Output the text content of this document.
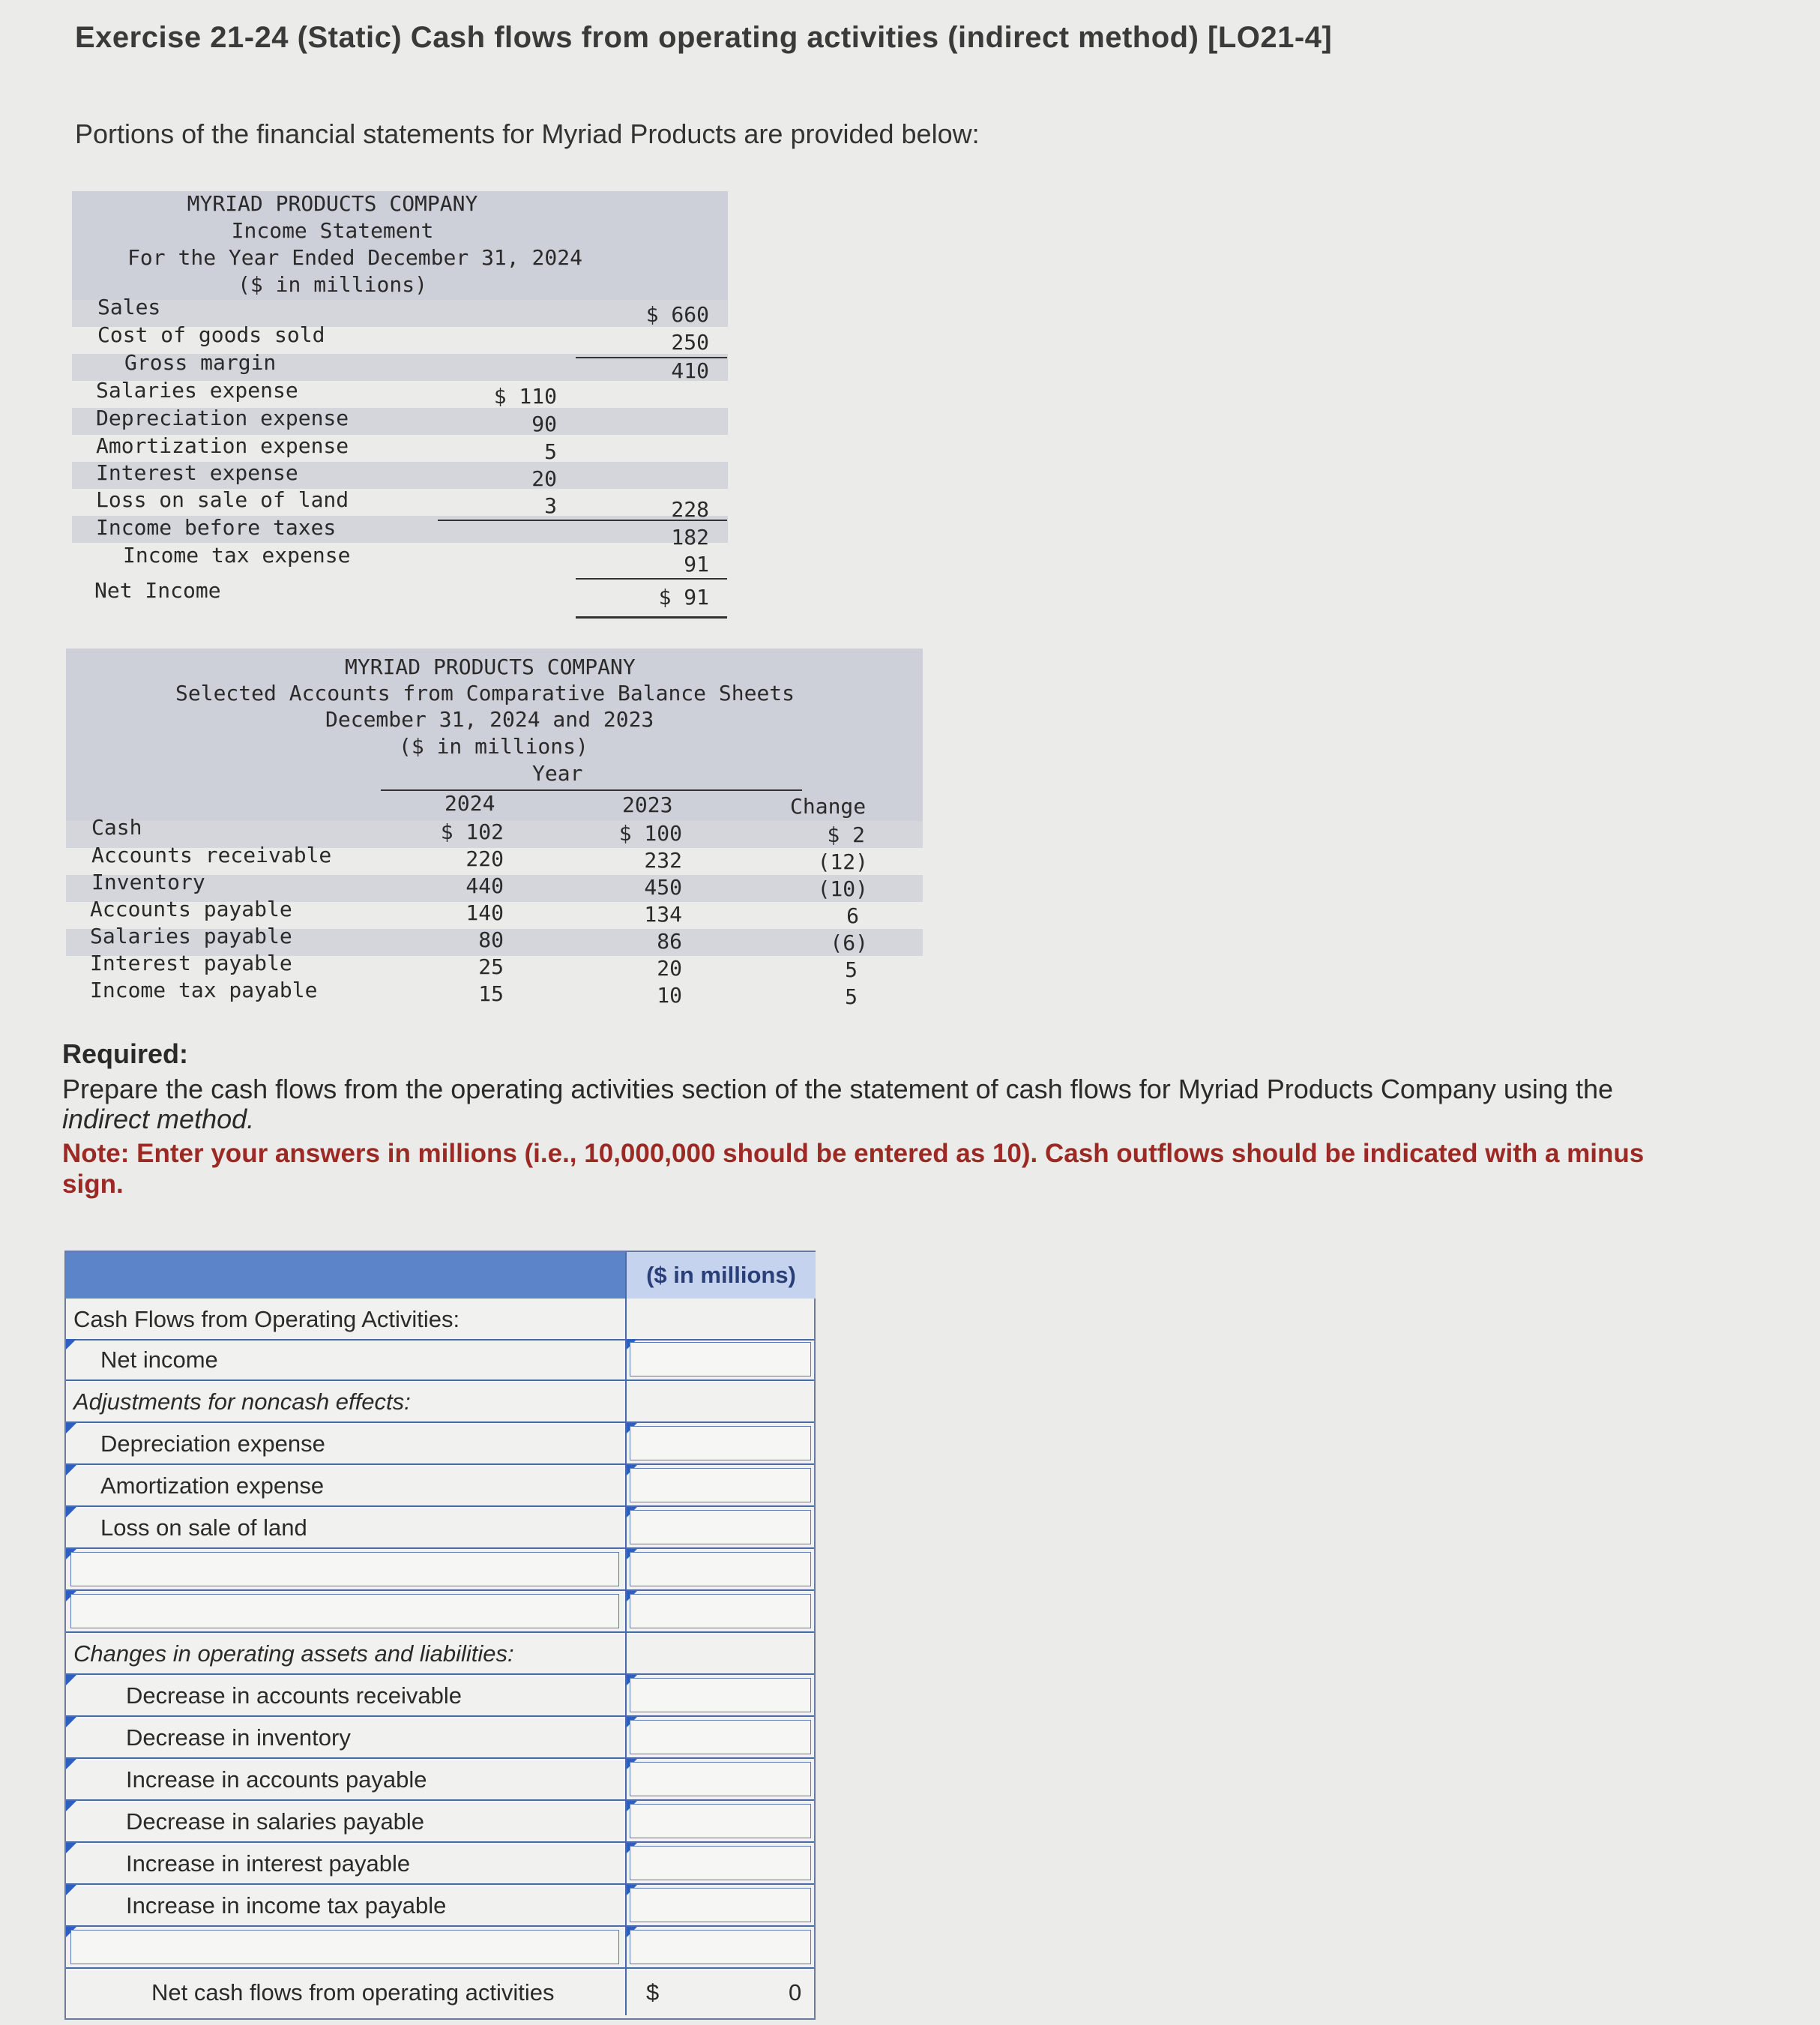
Exercise 21-24 (Static) Cash flows from operating activities (indirect method) [LO21-4]
Portions of the financial statements for Myriad Products are provided below:
MYRIAD PRODUCTS COMPANY
Income Statement
For the Year Ended December 31, 2024
($ in millions)
Sales	$ 660
Cost of goods sold	250
Gross margin	410
Salaries expense	$ 110
Depreciation expense	90
Amortization expense	5
Interest expense	20
Loss on sale of land	3	228
Income before taxes	182
Income tax expense	91
Net Income	$ 91
MYRIAD PRODUCTS COMPANY
Selected Accounts from Comparative Balance Sheets
December 31, 2024 and 2023
($ in millions)
Year
2024	2023	Change
Cash	$ 102	$ 100	$ 2
Accounts receivable	220	232	(12)
Inventory	440	450	(10)
Accounts payable	140	134	6
Salaries payable	80	86	(6)
Interest payable	25	20	5
Income tax payable	15	10	5
Required:
Prepare the cash flows from the operating activities section of the statement of cash flows for Myriad Products Company using the
indirect method.
Note: Enter your answers in millions (i.e., 10,000,000 should be entered as 10). Cash outflows should be indicated with a minus
sign.
($ in millions)
Cash Flows from Operating Activities:
Net income
Adjustments for noncash effects:
Depreciation expense
Amortization expense
Loss on sale of land
Changes in operating assets and liabilities:
Decrease in accounts receivable
Decrease in inventory
Increase in accounts payable
Decrease in salaries payable
Increase in interest payable
Increase in income tax payable
Net cash flows from operating activities	$	0
